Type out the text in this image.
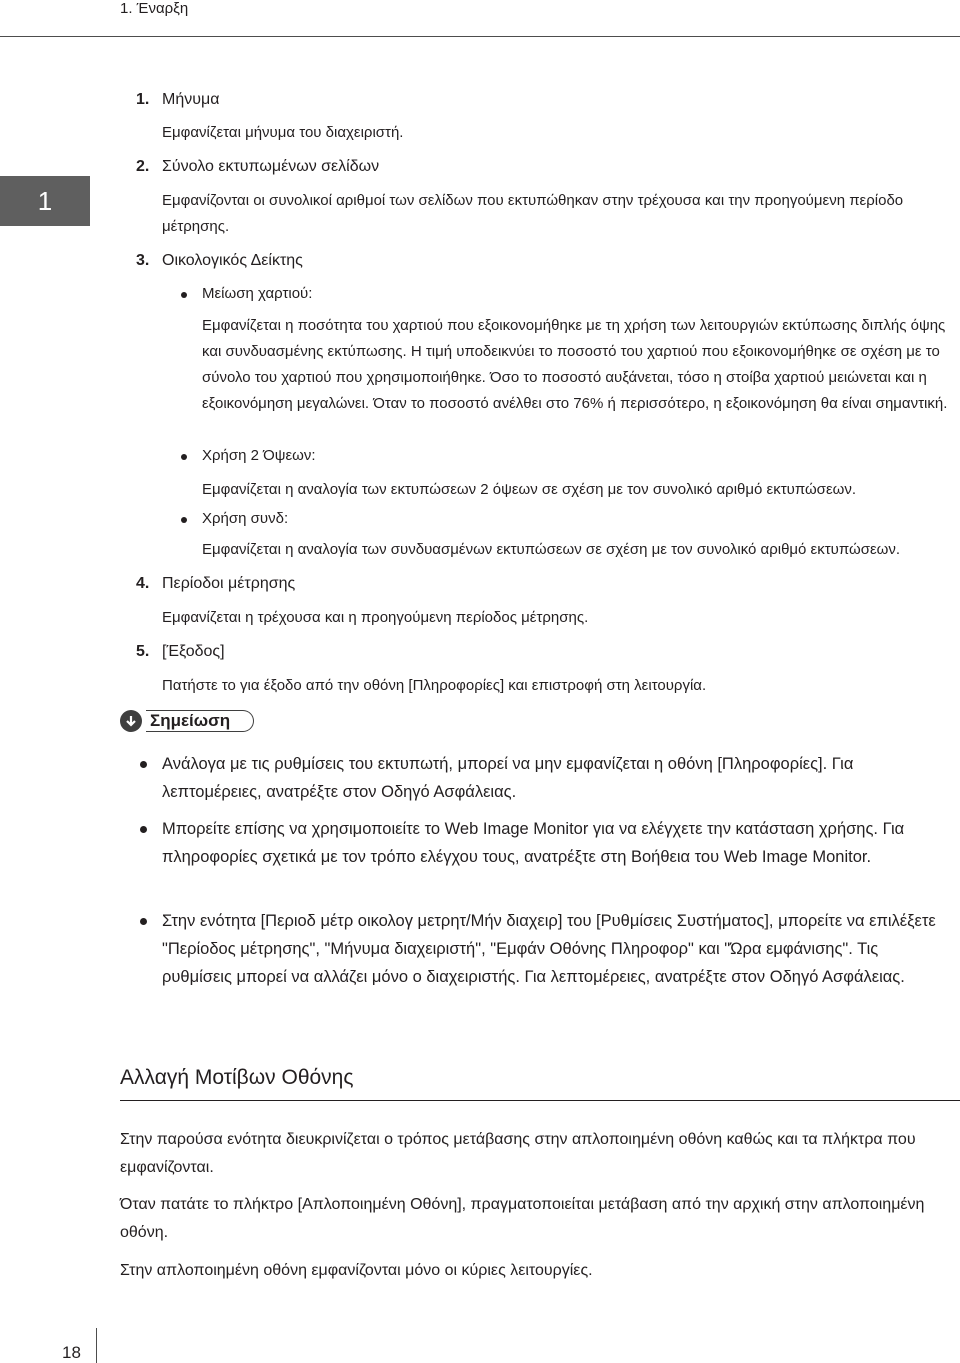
1. Έναρξη
1
1. Μήνυμα
Εμφανίζεται μήνυμα του διαχειριστή.
2. Σύνολο εκτυπωμένων σελίδων
Εμφανίζονται οι συνολικοί αριθμοί των σελίδων που εκτυπώθηκαν στην τρέχουσα και την προηγούμενη περίοδο μέτρησης.
3. Οικολογικός Δείκτης
Μείωση χαρτιού:
Εμφανίζεται η ποσότητα του χαρτιού που εξοικονομήθηκε με τη χρήση των λειτουργιών εκτύπωσης διπλής όψης και συνδυασμένης εκτύπωσης. Η τιμή υποδεικνύει το ποσοστό του χαρτιού που εξοικονομήθηκε σε σχέση με το σύνολο του χαρτιού που χρησιμοποιήθηκε. Όσο το ποσοστό αυξάνεται, τόσο η στοίβα χαρτιού μειώνεται και η εξοικονόμηση μεγαλώνει. Όταν το ποσοστό ανέλθει στο 76% ή περισσότερο, η εξοικονόμηση θα είναι σημαντική.
Χρήση 2 Όψεων:
Εμφανίζεται η αναλογία των εκτυπώσεων 2 όψεων σε σχέση με τον συνολικό αριθμό εκτυπώσεων.
Χρήση συνδ:
Εμφανίζεται η αναλογία των συνδυασμένων εκτυπώσεων σε σχέση με τον συνολικό αριθμό εκτυπώσεων.
4. Περίοδοι μέτρησης
Εμφανίζεται η τρέχουσα και η προηγούμενη περίοδος μέτρησης.
5. [Έξοδος]
Πατήστε το για έξοδο από την οθόνη [Πληροφορίες] και επιστροφή στη λειτουργία.
Σημείωση
Ανάλογα με τις ρυθμίσεις του εκτυπωτή, μπορεί να μην εμφανίζεται η οθόνη [Πληροφορίες]. Για λεπτομέρειες, ανατρέξτε στον Οδηγό Ασφάλειας.
Μπορείτε επίσης να χρησιμοποιείτε το Web Image Monitor για να ελέγχετε την κατάσταση χρήσης. Για πληροφορίες σχετικά με τον τρόπο ελέγχου τους, ανατρέξτε στη Βοήθεια του Web Image Monitor.
Στην ενότητα [Περιοδ μέτρ οικολογ μετρητ/Μήν διαχειρ] του [Ρυθμίσεις Συστήματος], μπορείτε να επιλέξετε "Περίοδος μέτρησης", "Μήνυμα διαχειριστή", "Εμφάν Οθόνης Πληροφορ" και "Ώρα εμφάνισης". Τις ρυθμίσεις μπορεί να αλλάζει μόνο ο διαχειριστής. Για λεπτομέρειες, ανατρέξτε στον Οδηγό Ασφάλειας.
Αλλαγή Μοτίβων Οθόνης
Στην παρούσα ενότητα διευκρινίζεται ο τρόπος μετάβασης στην απλοποιημένη οθόνη καθώς και τα πλήκτρα που εμφανίζονται.
Όταν πατάτε το πλήκτρο [Απλοποιημένη Οθόνη], πραγματοποιείται μετάβαση από την αρχική στην απλοποιημένη οθόνη.
Στην απλοποιημένη οθόνη εμφανίζονται μόνο οι κύριες λειτουργίες.
18
